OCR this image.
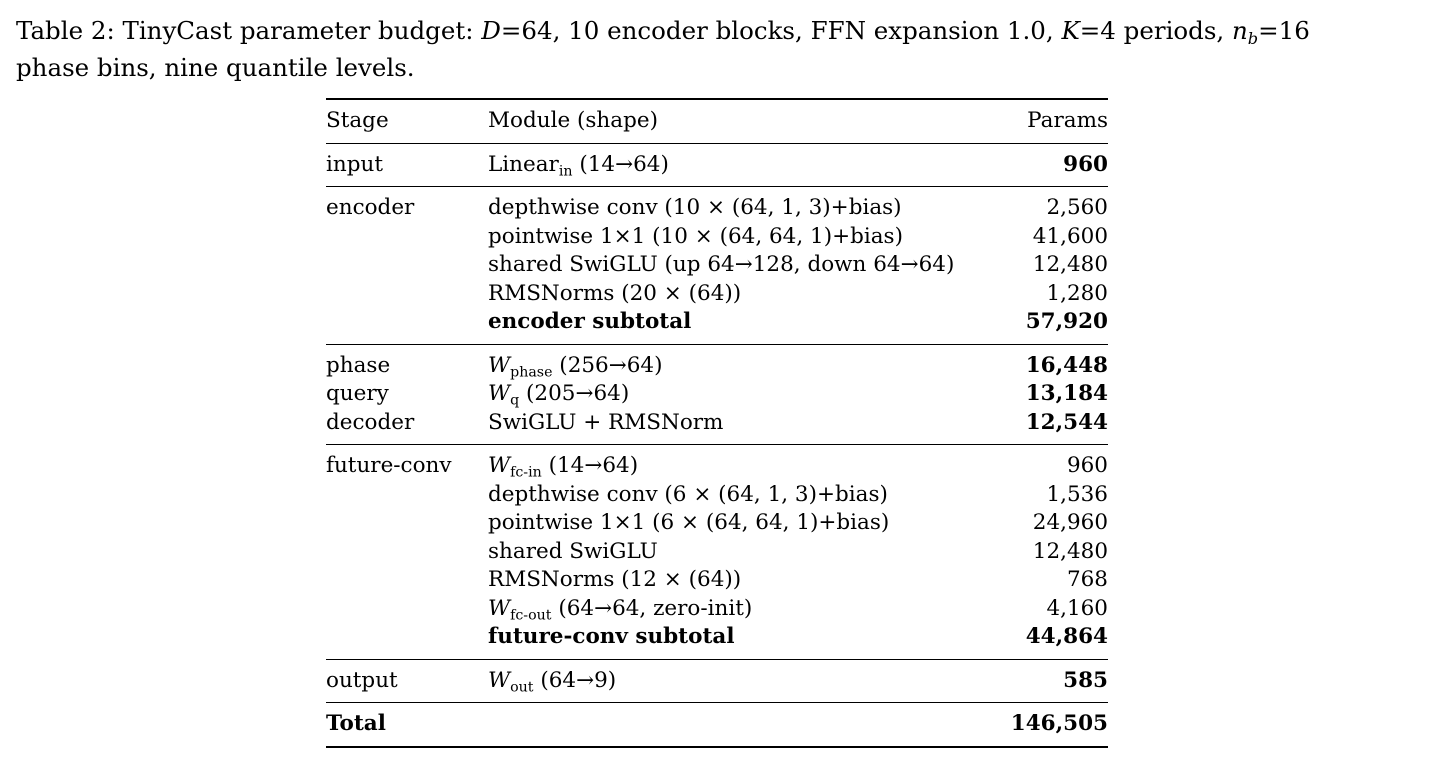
Table 2: TinyCast parameter budget: D=64, 10 encoder blocks, FFN expansion 1.0, K=4 periods, $n_b=16$
phase bins, nine quantile levels.
Stage	Module (shape)	Params
input	Linear$_{in}$ (14→64)	960
encoder	depthwise conv (10 × (64, 1, 3)+bias)	2,560
	pointwise 1×1 (10 × (64, 64, 1)+bias)	41,600
	shared SwiGLU (up 64→128, down 64→64)	12,480
	RMSNorms (20 × (64))	1,280
	encoder subtotal	57,920
phase	$W_{phase}$ (256→64)	16,448
query	$W_q$ (205→64)	13,184
decoder	SwiGLU + RMSNorm	12,544
future-conv	$W_{fc-in}$ (14→64)	960
	depthwise conv (6 × (64, 1, 3)+bias)	1,536
	pointwise 1×1 (6 × (64, 64, 1)+bias)	24,960
	shared SwiGLU	12,480
	RMSNorms (12 × (64))	768
	$W_{fc-out}$ (64→64, zero-init)	4,160
	future-conv subtotal	44,864
output	$W_{out}$ (64→9)	585
Total		146,505
